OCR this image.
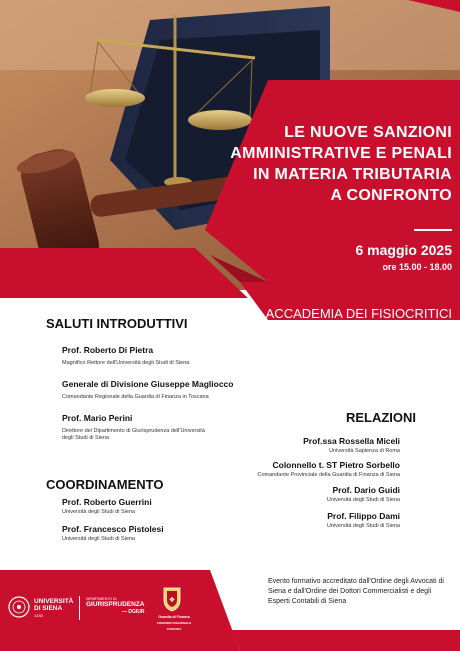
LE NUOVE SANZIONI
AMMINISTRATIVE E PENALI
IN MATERIA TRIBUTARIA
A CONFRONTO
6 maggio 2025
ore 15.00 - 18.00
ACCADEMIA DEI FISIOCRITICI
Piazzetta Silvio Gigli, 2
Siena
SALUTI INTRODUTTIVI
Prof. Roberto Di Pietra
Magnifico Rettore dell'Università degli Studi di Siena
Generale di Divisione Giuseppe Magliocco
Comandante Regionale della Guardia di Finanza in Toscana
Prof. Mario Perini
Direttore del Dipartimento di Giurisprudenza dell'Università degli Studi di Siena
COORDINAMENTO
Prof. Roberto Guerrini
Università degli Studi di Siena
Prof. Francesco Pistolesi
Università degli Studi di Siena
RELAZIONI
Prof.ssa Rossella Miceli
Università Sapienza di Roma
Colonnello t. ST Pietro Sorbello
Comandante Provinciale della Guardia di Finanza di Siena
Prof. Dario Guidi
Università degli Studi di Siena
Prof. Filippo Dami
Università degli Studi di Siena
UNIVERSITÀ
DI SIENA
1240
DIPARTIMENTO DI
GIURISPRUDENZA
— DGIUR
❖
Guardia di Finanza
COMANDO REGIONALE TOSCANA
Evento formativo accreditato dall'Ordine degli Avvocati di Siena e dall'Ordine dei Dottori Commercialisti e degli Esperti Contabili di Siena
